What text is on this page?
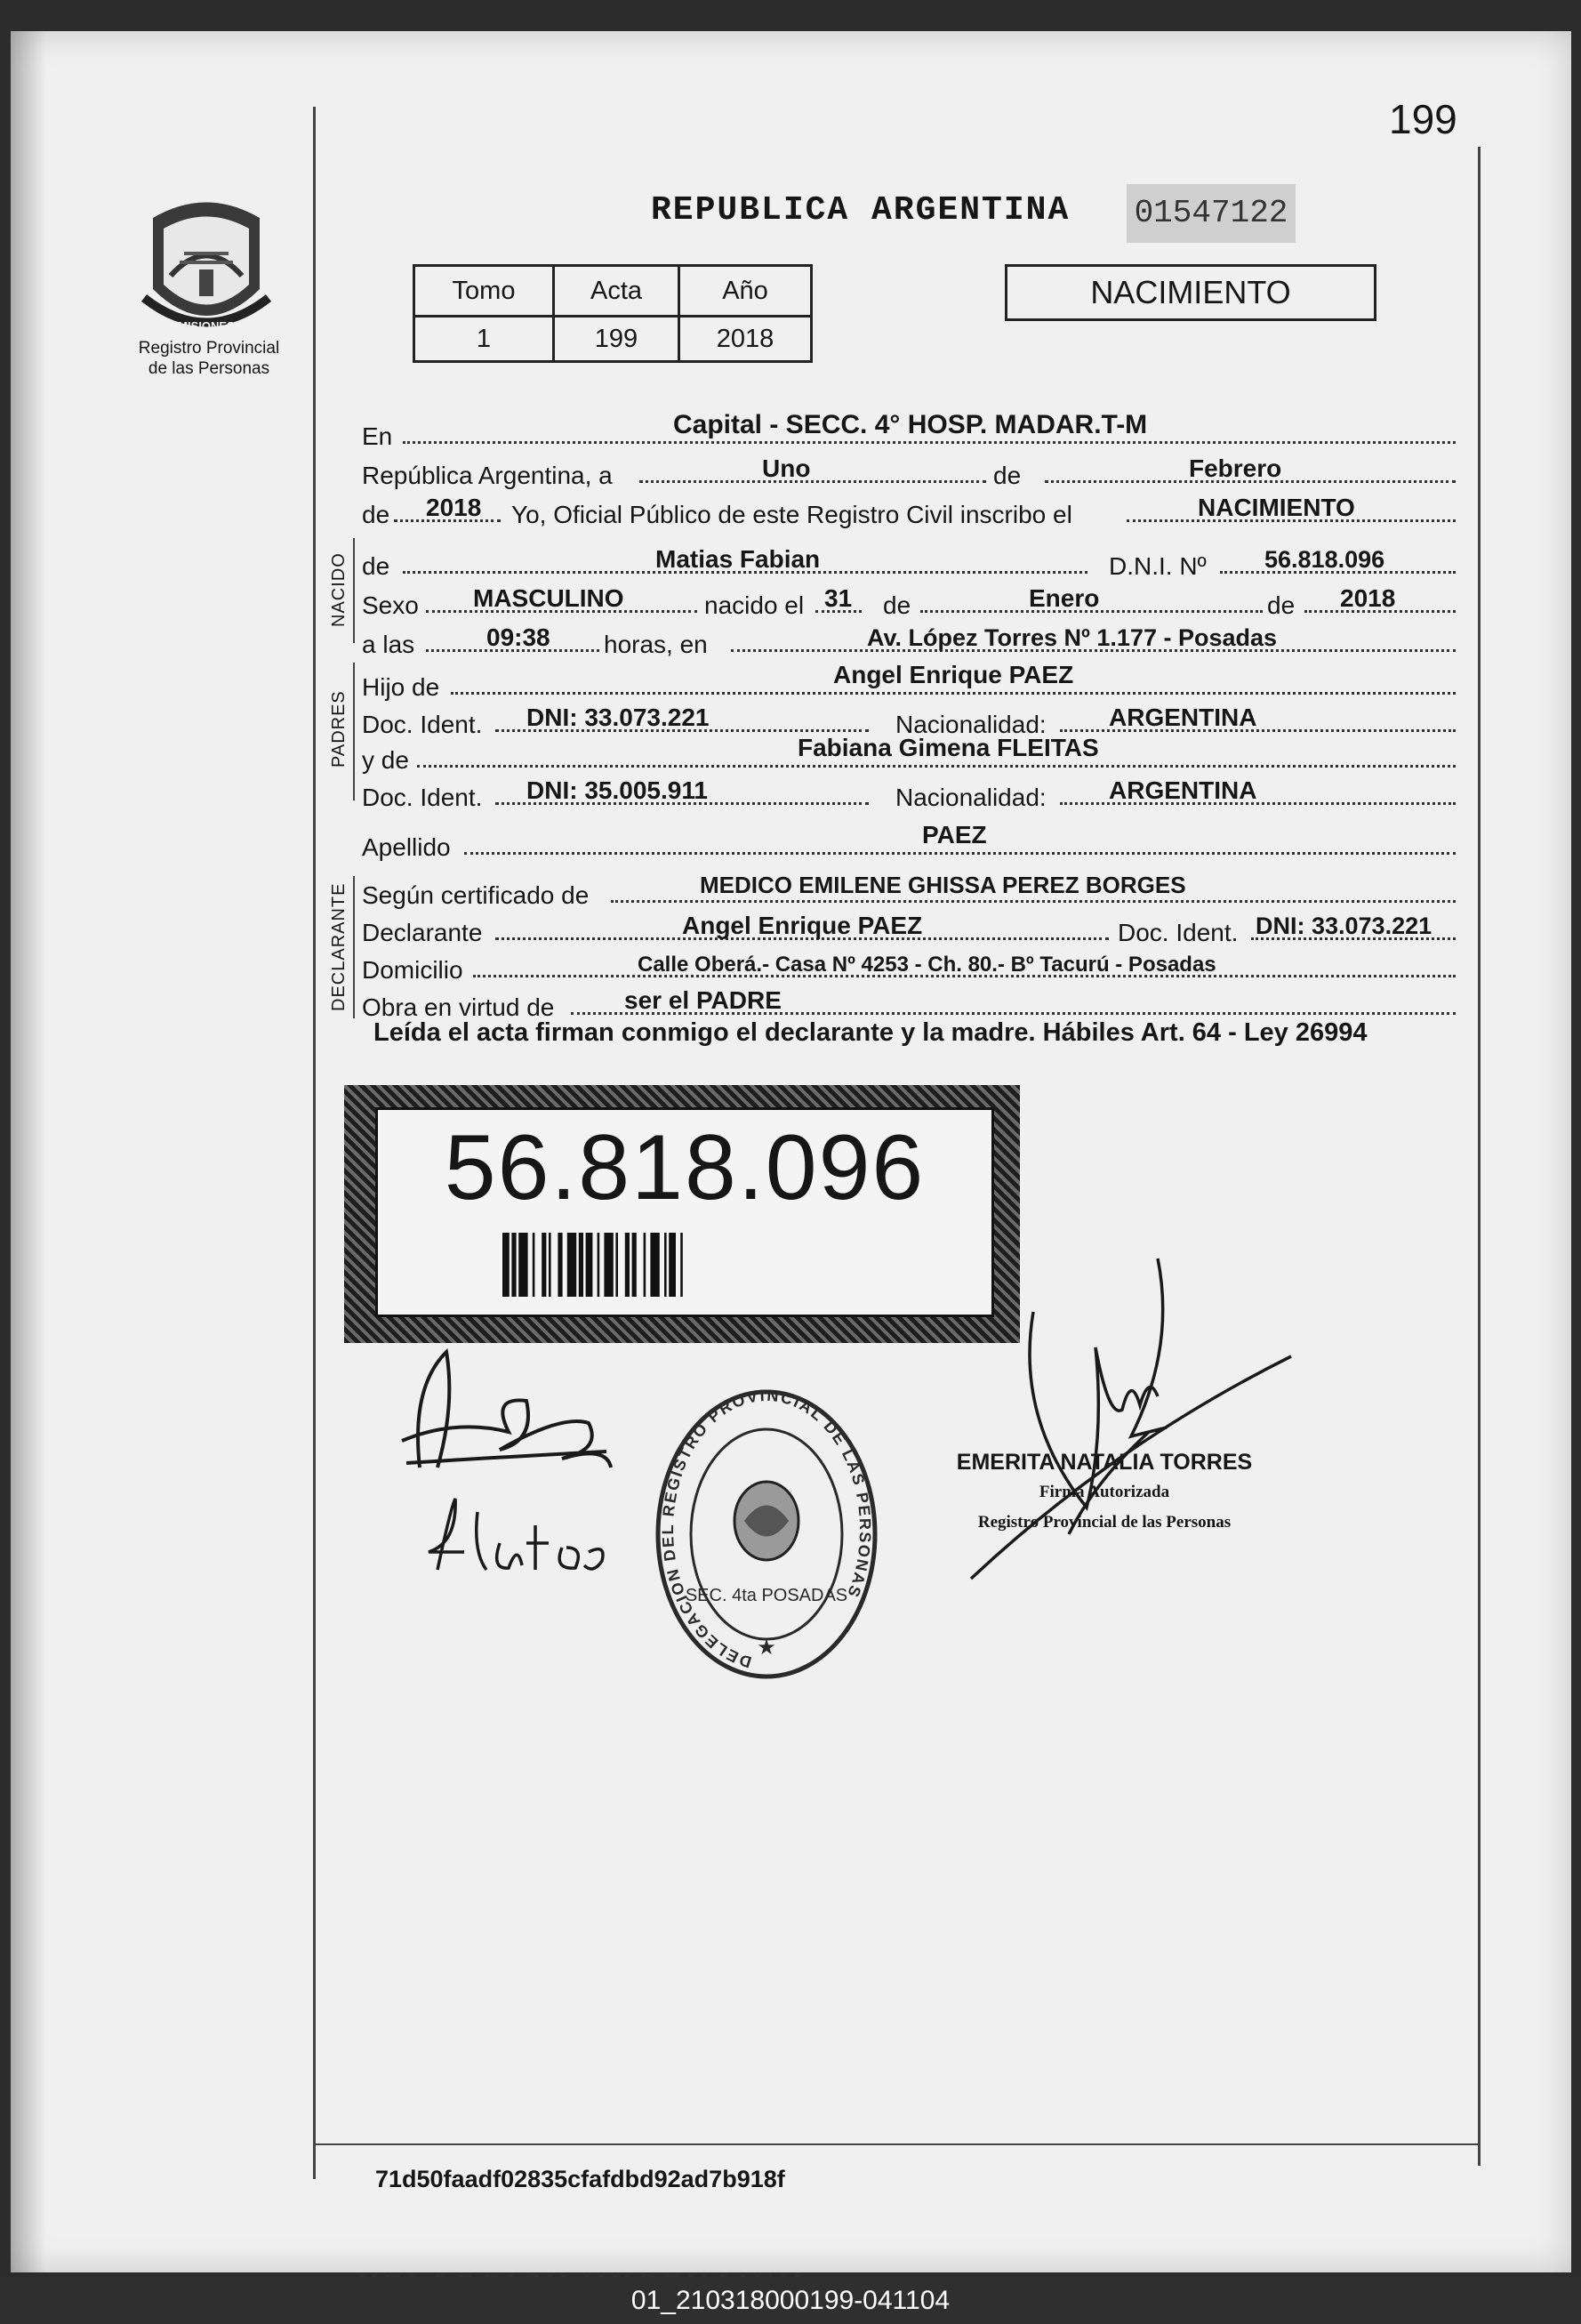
199
MISIONES
Registro Provincial
de las Personas
REPUBLICA ARGENTINA 01547122
Tomo	Acta	Año
1	199	2018
NACIMIENTO
En	Capital - SECC. 4° HOSP. MADAR.T-M
República Argentina, a	Uno	de	Febrero
de 2018 Yo, Oficial Público de este Registro Civil inscribo el	NACIMIENTO
NACIDO de	Matias Fabian	D.N.I. Nº 56.818.096
Sexo MASCULINO	nacido el 31 de	Enero	de 2018
a las	09:38 horas, en	Av. López Torres Nº 1.177 - Posadas
PADRES
Hijo de	Angel Enrique PAEZ
Doc. Ident. DNI: 33.073.221	Nacionalidad:	ARGENTINA
y de	Fabiana Gimena FLEITAS
Doc. Ident. DNI: 35.005.911	Nacionalidad:	ARGENTINA
Apellido	PAEZ
DECLARANTE Según certificado de	MEDICO EMILENE GHISSA PEREZ BORGES
Declarante	Angel Enrique PAEZ	Doc. Ident. DNI: 33.073.221
Domicilio	Calle Oberá.- Casa Nº 4253 - Ch. 80.- Bº Tacurú - Posadas
Obra en virtud de	ser el PADRE
Leída el acta firman conmigo el declarante y la madre. Hábiles Art. 64 - Ley 26994
56.818.096
DELEGACION DEL REGISTRO PROVINCIAL DE LAS PERSONAS
SEC. 4ta POSADAS
★
EMERITA NATALIA TORRES
Firma Autorizada
Registro Provincial de las Personas
71d50faadf02835cfafdbd92ad7b918f
01_210318000199-041104
